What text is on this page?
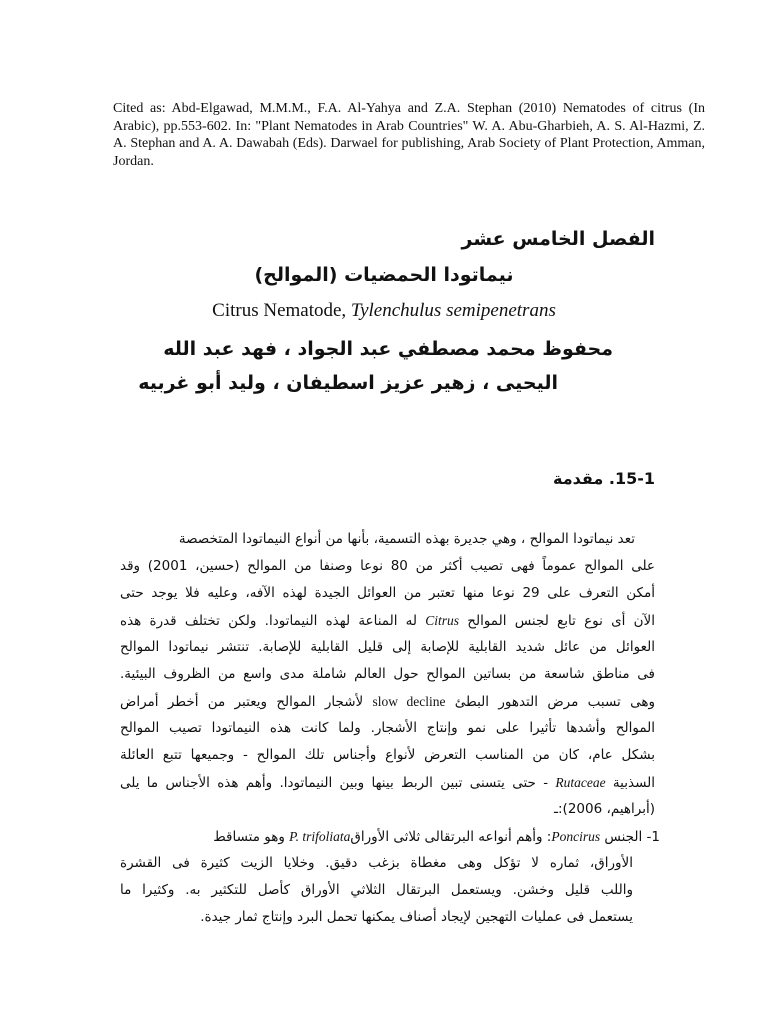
Cited as: Abd-Elgawad, M.M.M., F.A. Al-Yahya and Z.A. Stephan (2010) Nematodes of citrus (In Arabic), pp.553-602. In: "Plant Nematodes in Arab Countries" W. A. Abu-Gharbieh, A. S. Al-Hazmi, Z. A. Stephan and A. A. Dawabah (Eds). Darwael for publishing, Arab Society of Plant Protection, Amman, Jordan.

الفصل الخامس عشر
نيماتودا الحمضيات (الموالح)
Citrus Nematode, Tylenchulus semipenetrans
محفوظ محمد مصطفي عبد الجواد ، فهد عبد الله
اليحيى ، زهير عزيز اسطيفان ، وليد أبو غربيه
15-1. مقدمة
تعد نيماتودا الموالح ، وهي جديرة بهذه التسمية، بأنها من أنواع النيماتودا المتخصصة
على الموالح عموماً فهى تصيب أكثر من 80 نوعا وصنفا من الموالح (حسين، 2001) وقد
أمكن التعرف على 29 نوعا منها تعتبر من العوائل الجيدة لهذه الآفه، وعليه فلا يوجد حتى
الآن أى نوع تابع لجنس الموالح Citrus له المناعة لهذه النيماتودا. ولكن تختلف قدرة هذه
العوائل من عائل شديد القابلية للإصابة إلى قليل القابلية للإصابة. تنتشر نيماتودا الموالح
فى مناطق شاسعة من بساتين الموالح حول العالم شاملة مدى واسع من الظروف البيئية.
وهى تسبب مرض التدهور البطئ slow decline لأشجار الموالح ويعتبر من أخطر أمراض
الموالح وأشدها تأثيرا على نمو وإنتاج الأشجار. ولما كانت هذه النيماتودا تصيب الموالح
بشكل عام، كان من المناسب التعرض لأنواع وأجناس تلك الموالح - وجميعها تتبع العائلة
السذبية Rutaceae - حتى يتسنى تبين الربط بينها وبين النيماتودا. وأهم هذه الأجناس ما يلى
(أبراهيم، 2006):ـ
1- الجنس Poncirus: وأهم أنواعه البرتقالى ثلاثى الأوراقP. trifoliata وهو متساقط
الأوراق، ثماره لا تؤكل وهى مغطاة بزغب دقيق. وخلايا الزيت كثيرة فى القشرة
واللب قليل وخشن. ويستعمل البرتقال الثلاثي الأوراق كأصل للتكثير به. وكثيرا ما
يستعمل فى عمليات التهجين لإيجاد أصناف يمكنها تحمل البرد وإنتاج ثمار جيدة.
